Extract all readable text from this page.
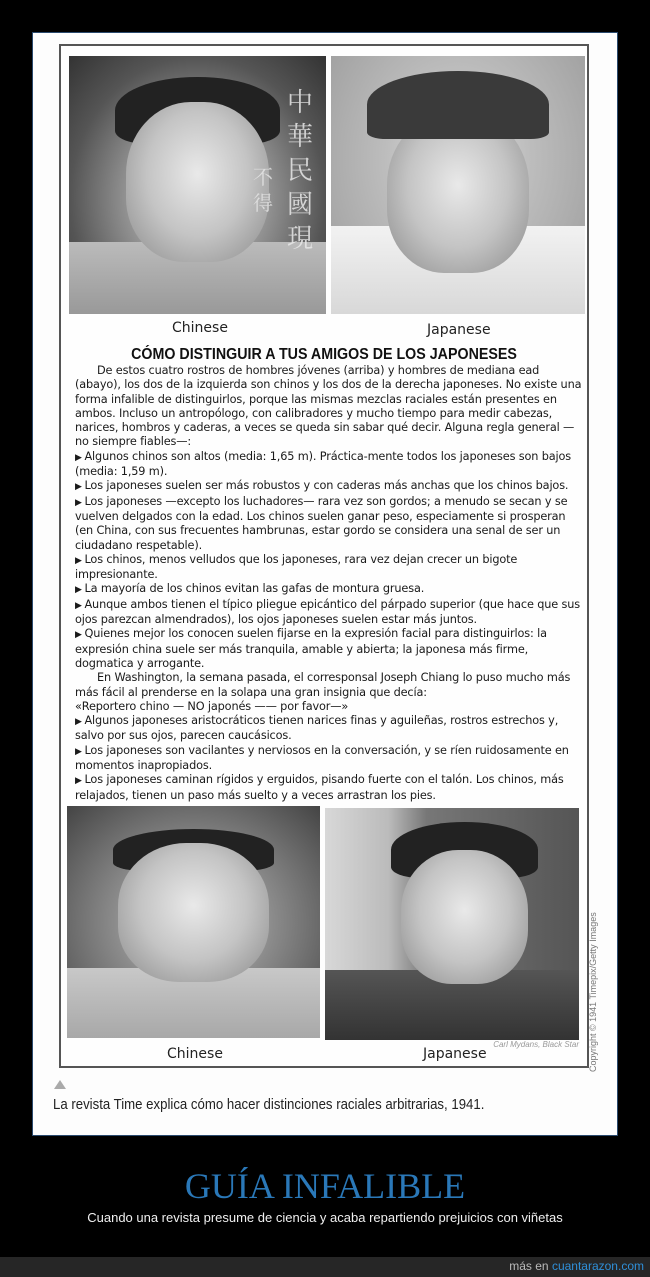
中
華
民
國
現
不
得
Chinese	Japanese
CÓMO DISTINGUIR A TUS AMIGOS DE LOS JAPONESES

De estos cuatro rostros de hombres jóvenes (arriba) y hombres de mediana ead (abayo), los dos de la izquierda son chinos y los dos de la derecha japoneses. No existe una forma infalible de distinguirlos, porque las mismas mezclas raciales están presentes en ambos. Incluso un antropólogo, con calibradores y mucho tiempo para medir cabezas, narices, hombros y caderas, a veces se queda sin sabar qué decir. Alguna regla general —no siempre fiables—:

▶ Algunos chinos son altos (media: 1,65 m). Práctica-mente todos los japoneses son bajos (media: 1,59 m).

▶ Los japoneses suelen ser más robustos y con caderas más anchas que los chinos bajos.

▶ Los japoneses —excepto los luchadores— rara vez son gordos; a menudo se secan y se vuelven delgados con la edad. Los chinos suelen ganar peso, especiamente si prosperan (en China, con sus frecuentes hambrunas, estar gordo se considera una senal de ser un ciudadano respetable).

▶ Los chinos, menos velludos que los japoneses, rara vez dejan crecer un bigote impresionante.

▶ La mayoría de los chinos evitan las gafas de montura gruesa.

▶ Aunque ambos tienen el típico pliegue epicántico del párpado superior (que hace que sus ojos parezcan almendrados), los ojos japoneses suelen estar más juntos.

▶ Quienes mejor los conocen suelen fijarse en la expresión facial para distinguirlos: la expresión china suele ser más tranquila, amable y abierta; la japonesa más firme, dogmatica y arrogante.

En Washington, la semana pasada, el corresponsal Joseph Chiang lo puso mucho más más fácil al prenderse en la solapa una gran insignia que decía:

«Reportero chino — NO japonés —— por favor—»

▶ Algunos japoneses aristocráticos tienen narices finas y aguileñas, rostros estrechos y, salvo por sus ojos, parecen caucásicos.

▶ Los japoneses son vacilantes y nerviosos en la conversación, y se ríen ruidosamente en momentos inapropiados.

▶ Los japoneses caminan rígidos y erguidos, pisando fuerte con el talón. Los chinos, más relajados, tienen un paso más suelto y a veces arrastran los pies.

Carl Mydans, Black Star
Chinese	Japanese	Copyright © 1941 Timepix/Getty Images
La revista Time explica cómo hacer distinciones raciales arbitrarias, 1941.
GUÍA INFALIBLE
Cuando una revista presume de ciencia y acaba repartiendo prejuicios con viñetas
más en cuantarazon.com
